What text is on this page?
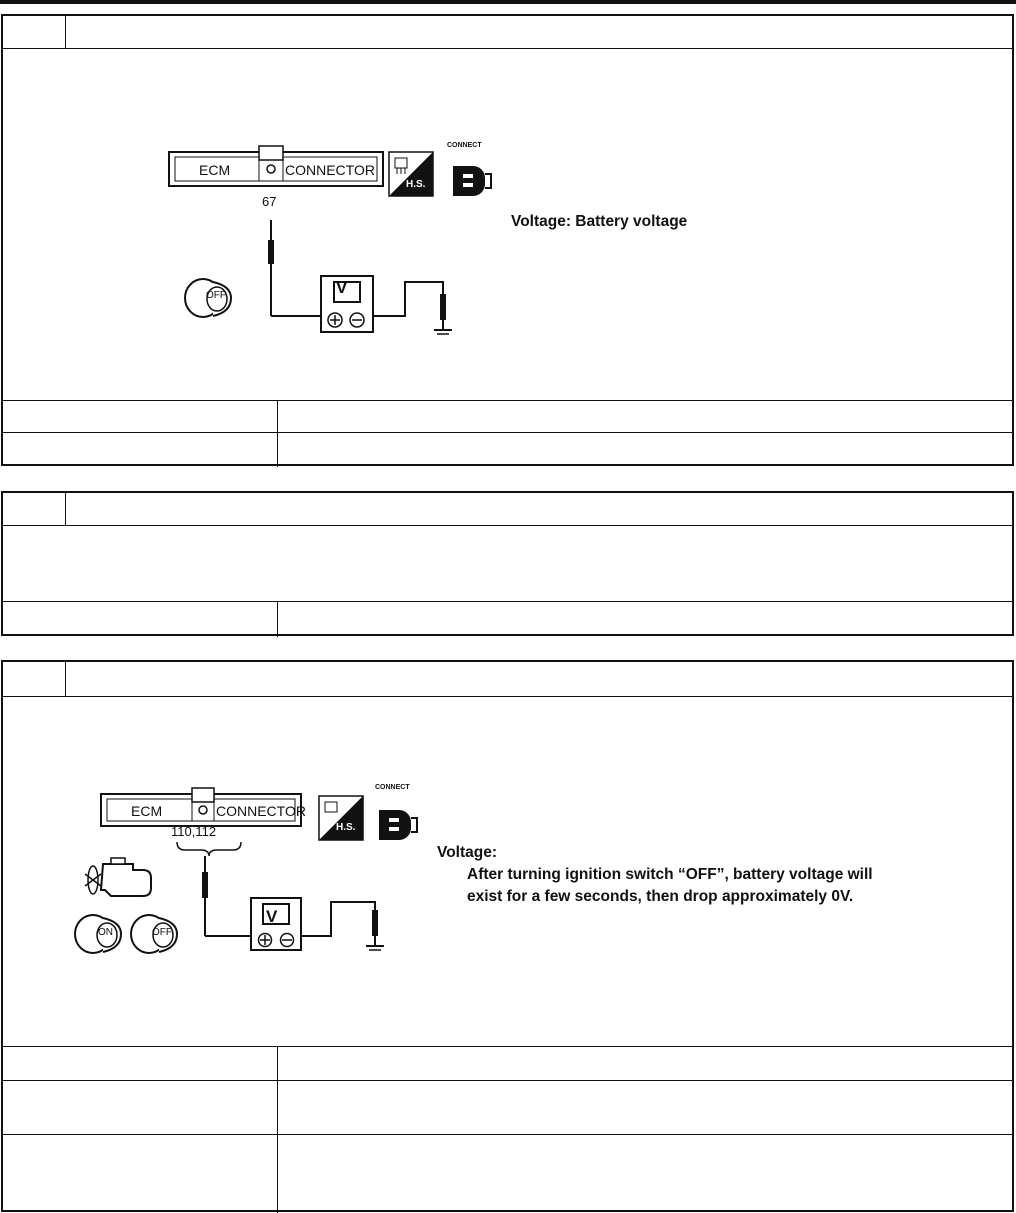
ECM	CONNECTOR
H.S.
CONNECT
67
V
OFF
Voltage: Battery voltage
ECM	CONNECTOR
H.S.
CONNECT
110,112
V
ON	OFF
Voltage:
After turning ignition switch “OFF”, battery voltage will
exist for a few seconds, then drop approximately 0V.
